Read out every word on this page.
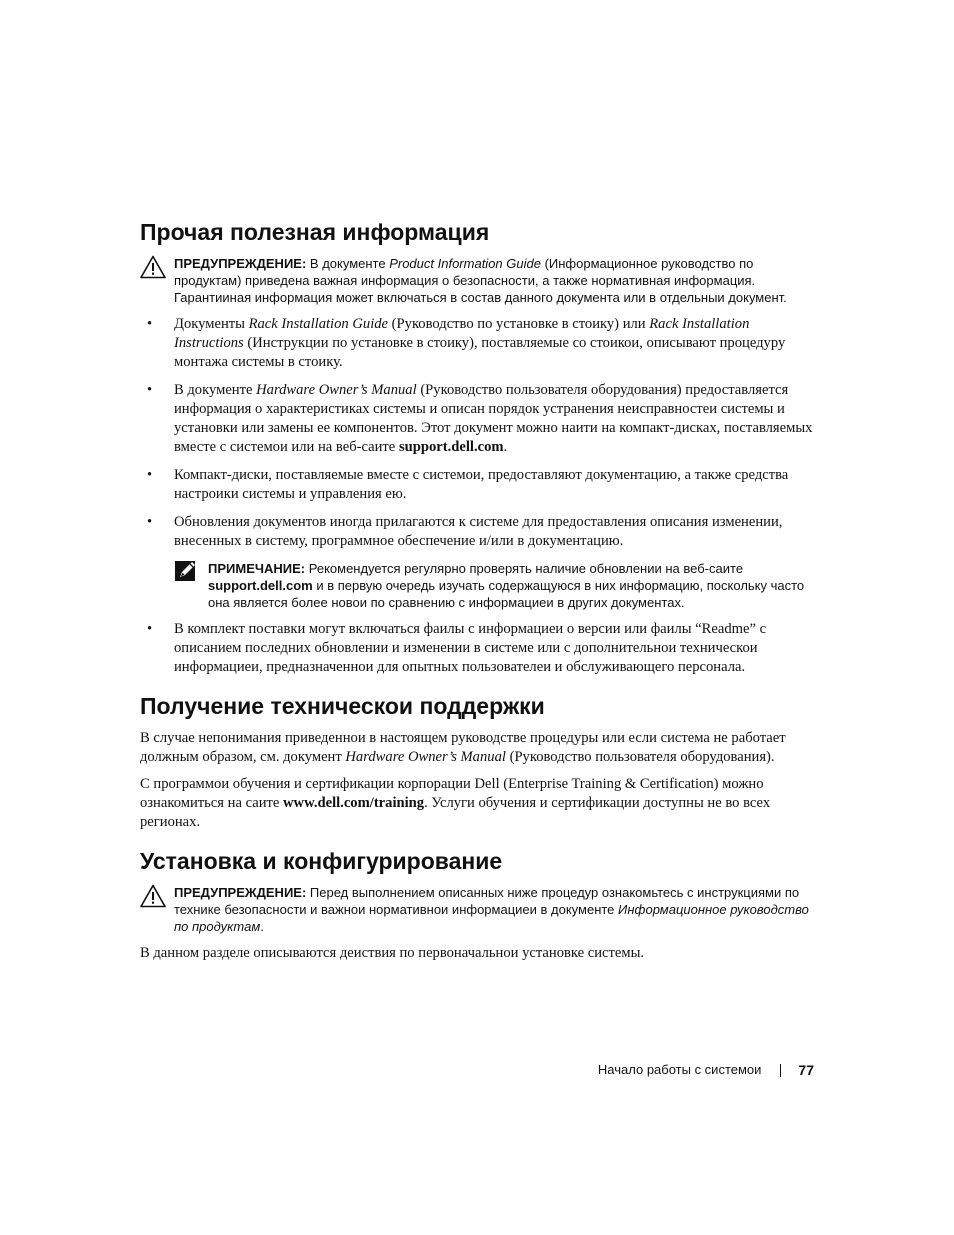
Прочая полезная информация
ПРЕДУПРЕЖДЕНИЕ: В документе Product Information Guide (Информационное руководство по продуктам) приведена важная информация о безопасности, а также нормативная информация. Гарантииная информация может включаться в состав данного документа или в отдельныи документ.
• Документы Rack Installation Guide (Руководство по установке в стоику) или Rack Installation Instructions (Инструкции по установке в стоику), поставляемые со стоикои, описывают процедуру монтажа системы в стоику.
• В документе Hardware Owner’s Manual (Руководство пользователя оборудования) предоставляется информация о характеристиках системы и описан порядок устранения неисправностеи системы и установки или замены ее компонентов. Этот документ можно наити на компакт-дисках, поставляемых вместе с системои или на веб-саите support.dell.com.
• Компакт-диски, поставляемые вместе с системои, предоставляют документацию, а также средства настроики системы и управления ею.
• Обновления документов иногда прилагаются к системе для предоставления описания изменении, внесенных в систему, программное обеспечение и/или в документацию.
ПРИМЕЧАНИЕ: Рекомендуется регулярно проверять наличие обновлении на веб-саите support.dell.com и в первую очередь изучать содержащуюся в них информацию, поскольку часто она является более новои по сравнению с информациеи в других документах.
• В комплект поставки могут включаться фаилы с информациеи о версии или фаилы “Readme” с описанием последних обновлении и изменении в системе или с дополнительнои техническои информациеи, предназначеннои для опытных пользователеи и обслуживающего персонала.
Получение техническои поддержки

В случае непонимания приведеннои в настоящем руководстве процедуры или если система не работает должным образом, см. документ Hardware Owner’s Manual (Руководство пользователя оборудования).

С программои обучения и сертификации корпорации Dell (Enterprise Training & Certification) можно ознакомиться на саите www.dell.com/training. Услуги обучения и сертификации доступны не во всех регионах.

Установка и конфигурирование
ПРЕДУПРЕЖДЕНИЕ: Перед выполнением описанных ниже процедур ознакомьтесь с инструкциями по технике безопасности и важнои нормативнои информациеи в документе Информационное руководство по продуктам.

В данном разделе описываются деиствия по первоначальнои установке системы.

Начало работы с системои	77
